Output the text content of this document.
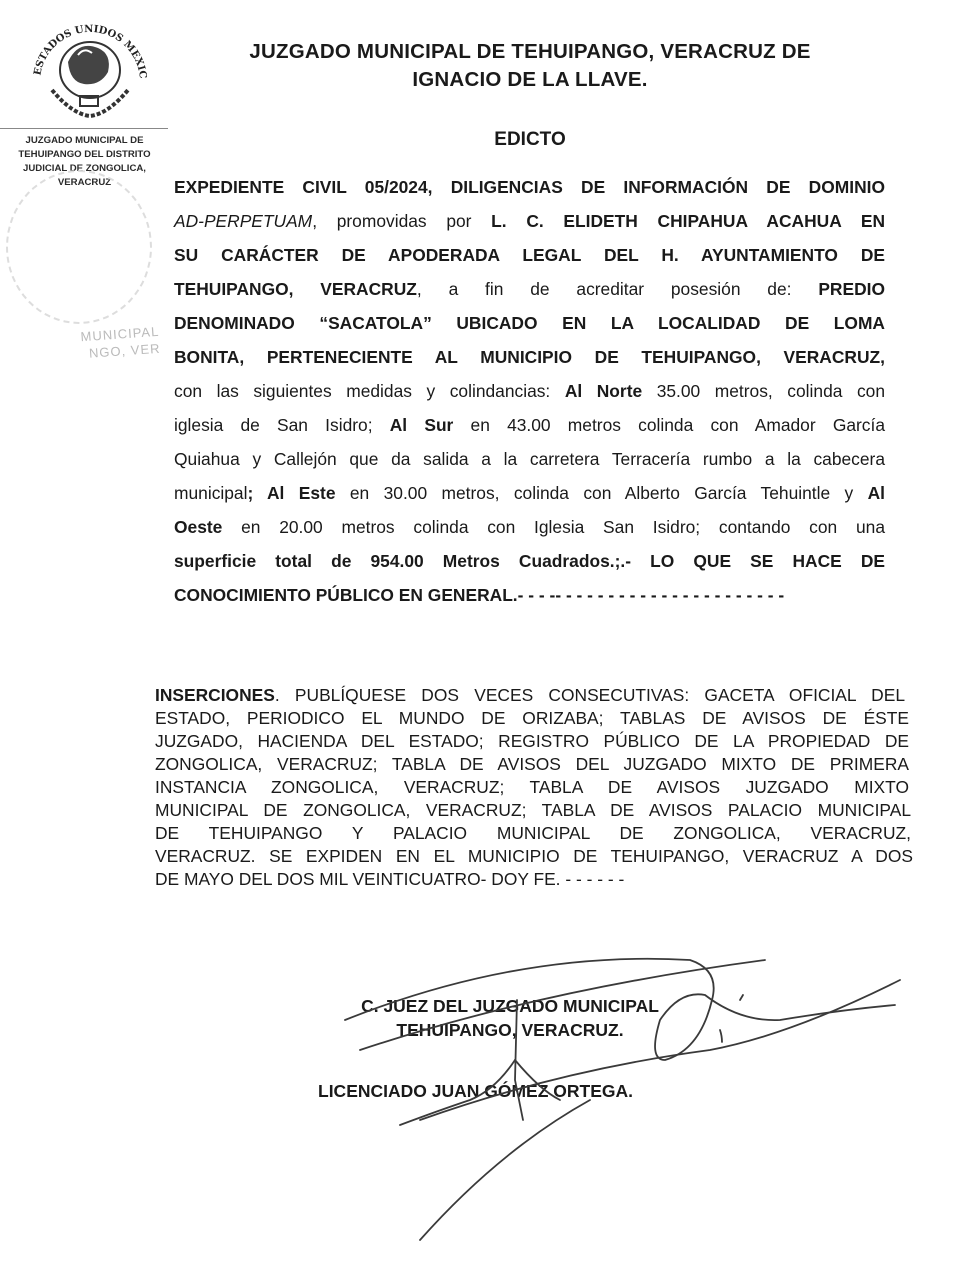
ESTADOS UNIDOS MEXIC
JUZGADO MUNICIPAL DE
TEHUIPANGO DEL DISTRITO
JUDICIAL DE ZONGOLICA,
VERACRUZ
MUNICIPAL
NGO, VER
JUZGADO MUNICIPAL DE TEHUIPANGO, VERACRUZ DE
IGNACIO DE LA LLAVE.
EDICTO
EXPEDIENTE CIVIL 05/2024, DILIGENCIAS DE INFORMACIÓN DE DOMINIO
AD-PERPETUAM, promovidas por L. C. ELIDETH CHIPAHUA ACAHUA EN
SU CARÁCTER DE APODERADA LEGAL DEL H. AYUNTAMIENTO DE
TEHUIPANGO, VERACRUZ, a fin de acreditar posesión de: PREDIO
DENOMINADO “SACATOLA” UBICADO EN LA LOCALIDAD DE LOMA
BONITA, PERTENECIENTE AL MUNICIPIO DE TEHUIPANGO, VERACRUZ,
con las siguientes medidas y colindancias: Al Norte 35.00 metros, colinda con
iglesia de San Isidro; Al Sur en 43.00 metros colinda con Amador García
Quiahua y Callejón que da salida a la carretera Terracería rumbo a la cabecera
municipal; Al Este en 30.00 metros, colinda con Alberto García Tehuintle y Al
Oeste en 20.00 metros colinda con Iglesia San Isidro; contando con una
superficie total de 954.00 Metros Cuadrados.;.- LO QUE SE HACE DE
CONOCIMIENTO PÚBLICO EN GENERAL.- - - -- - - - - - - - - - - - - - - - - - - - - -
INSERCIONES. PUBLÍQUESE DOS VECES CONSECUTIVAS: GACETA OFICIAL DEL
ESTADO, PERIODICO EL MUNDO DE ORIZABA; TABLAS DE AVISOS DE ÉSTE
JUZGADO, HACIENDA DEL ESTADO; REGISTRO PÚBLICO DE LA PROPIEDAD DE
ZONGOLICA, VERACRUZ; TABLA DE AVISOS DEL JUZGADO MIXTO DE PRIMERA
INSTANCIA ZONGOLICA, VERACRUZ; TABLA DE AVISOS JUZGADO MIXTO
MUNICIPAL DE ZONGOLICA, VERACRUZ; TABLA DE AVISOS PALACIO MUNICIPAL
DE TEHUIPANGO Y PALACIO MUNICIPAL DE ZONGOLICA, VERACRUZ,
VERACRUZ. SE EXPIDEN EN EL MUNICIPIO DE TEHUIPANGO, VERACRUZ A DOS
DE MAYO DEL DOS MIL VEINTICUATRO- DOY FE. - - - - - -
C. JUEZ DEL JUZGADO MUNICIPAL
TEHUIPANGO, VERACRUZ.
LICENCIADO JUAN GÓMEZ ORTEGA.
